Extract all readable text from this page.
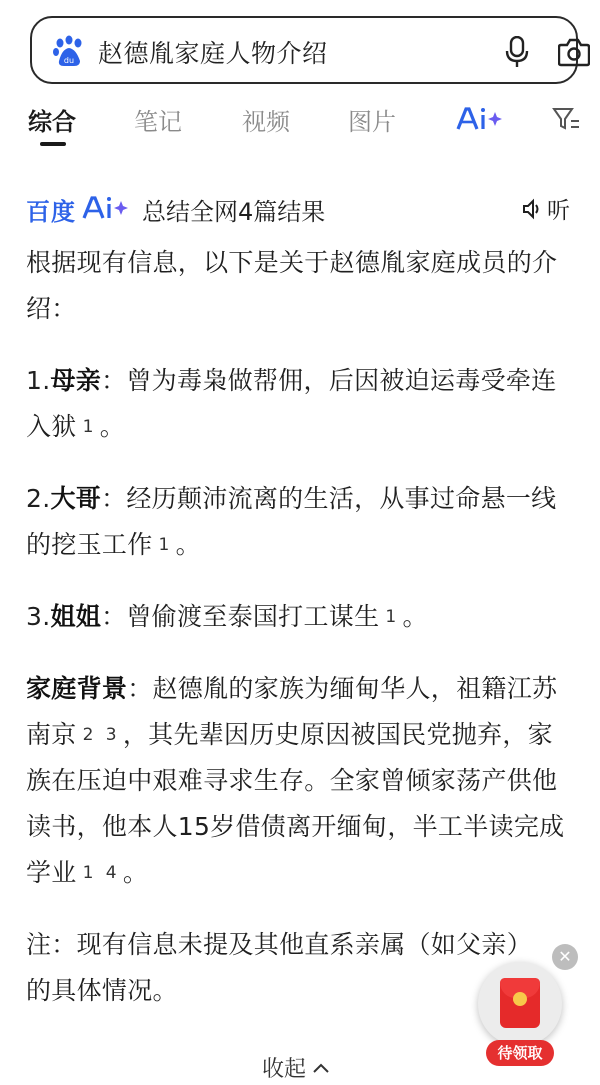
du 赵德胤家庭人物介绍
综合 笔记	视频 图片
百度	总结全网4篇结果	听

根据现有信息，以下是关于赵德胤家庭成员的介绍：

1.母亲：曾为毒枭做帮佣，后因被迫运毒受牵连入狱 1 。

2.大哥：经历颠沛流离的生活，从事过命悬一线的挖玉工作 1 。

3.姐姐：曾偷渡至泰国打工谋生 1 。

家庭背景：赵德胤的家族为缅甸华人，祖籍江苏南京 2 3 ，其先辈因历史原因被国民党抛弃，家族在压迫中艰难寻求生存。全家曾倾家荡产供他读书，他本人15岁借债离开缅甸，半工半读完成学业 1 4 。

注：现有信息未提及其他直系亲属（如父亲）的具体情况。

收起
✕
待领取
